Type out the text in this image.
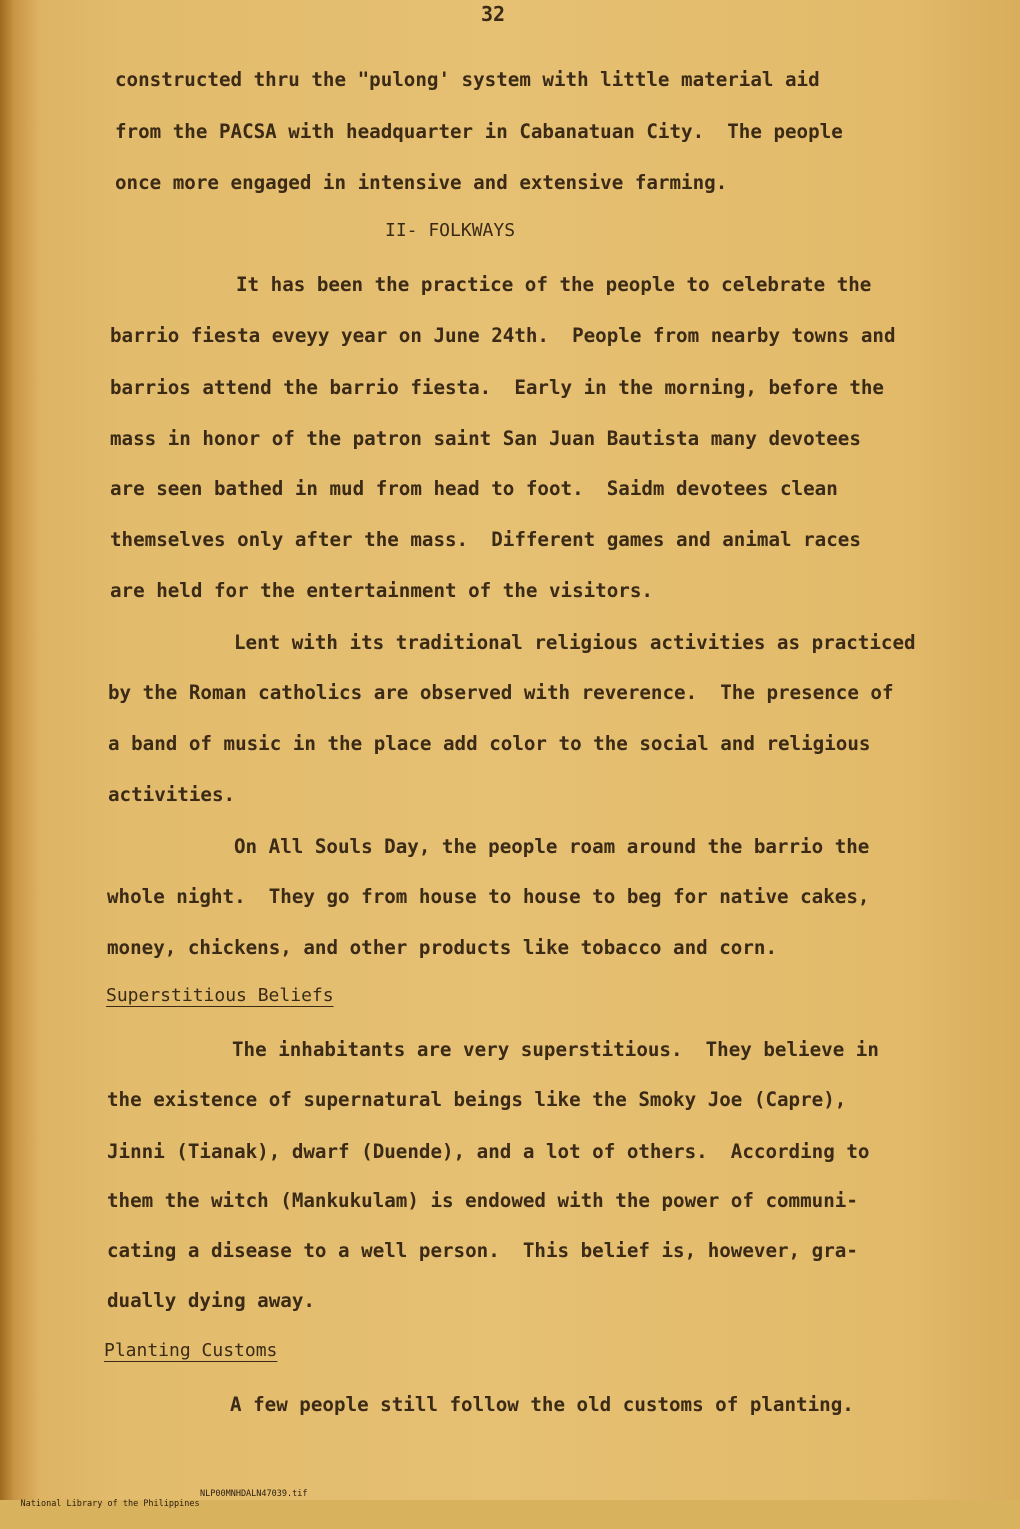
32
constructed thru the "pulong' system with little material aid
from the PACSA with headquarter in Cabanatuan City.  The people
once more engaged in intensive and extensive farming.
II- FOLKWAYS
It has been the practice of the people to celebrate the
barrio fiesta eveyy year on June 24th.  People from nearby towns and
barrios attend the barrio fiesta.  Early in the morning, before the
mass in honor of the patron saint San Juan Bautista many devotees
are seen bathed in mud from head to foot.  Saidm devotees clean
themselves only after the mass.  Different games and animal races
are held for the entertainment of the visitors.
Lent with its traditional religious activities as practiced
by the Roman catholics are observed with reverence.  The presence of
a band of music in the place add color to the social and religious
activities.
On All Souls Day, the people roam around the barrio the
whole night.  They go from house to house to beg for native cakes,
money, chickens, and other products like tobacco and corn.
Superstitious Beliefs
The inhabitants are very superstitious.  They believe in
the existence of supernatural beings like the Smoky Joe (Capre),
Jinni (Tianak), dwarf (Duende), and a lot of others.  According to
them the witch (Mankukulam) is endowed with the power of communi-
cating a disease to a well person.  This belief is, however, gra-
dually dying away.
Planting Customs
A few people still follow the old customs of planting.

National Library of the Philippines

NLP00MNHDALN47039.tif
